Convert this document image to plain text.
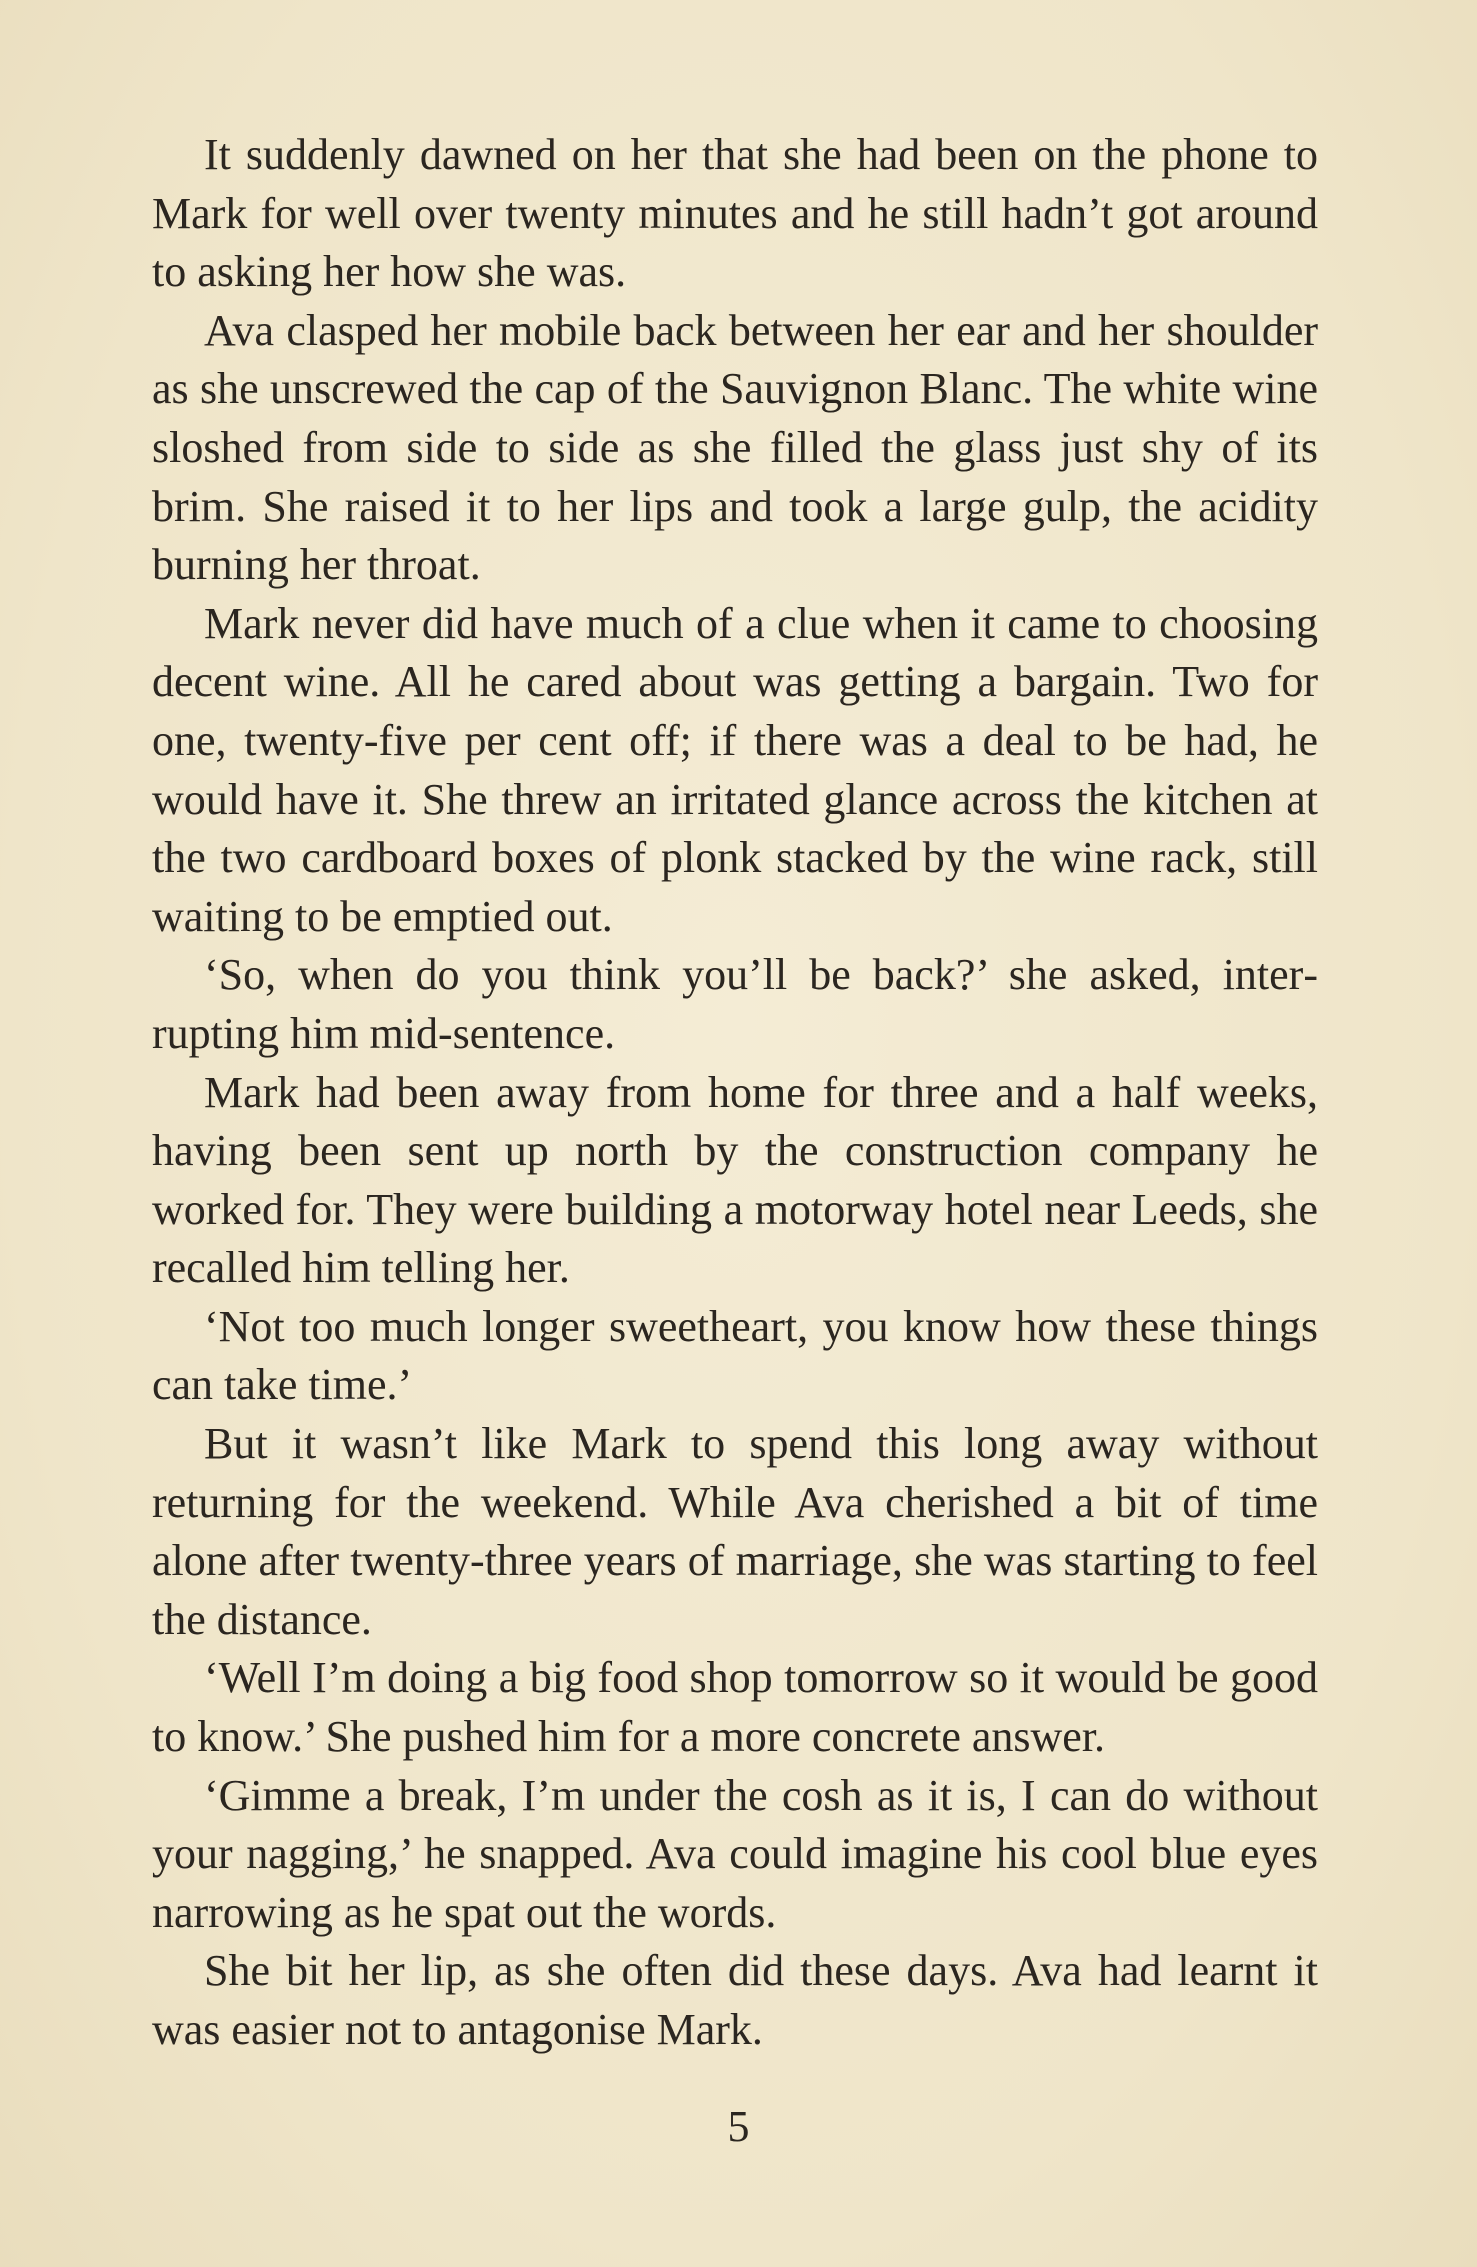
It suddenly dawned on her that she had been on the phone to Mark for well over twenty minutes and he still hadn’t got around to asking her how she was.

Ava clasped her mobile back between her ear and her shoulder as she unscrewed the cap of the Sauvignon Blanc. The white wine sloshed from side to side as she filled the glass just shy of its brim. She raised it to her lips and took a large gulp, the acidity burning her throat.

Mark never did have much of a clue when it came to choosing decent wine. All he cared about was getting a bargain. Two for one, twenty-five per cent off; if there was a deal to be had, he would have it. She threw an irritated glance across the kitchen at the two cardboard boxes of plonk stacked by the wine rack, still waiting to be emptied out.

‘So, when do you think you’ll be back?’ she asked, interrupting him mid-sentence.

Mark had been away from home for three and a half weeks, having been sent up north by the construction company he worked for. They were building a motorway hotel near Leeds, she recalled him telling her.

‘Not too much longer sweetheart, you know how these things can take time.’

But it wasn’t like Mark to spend this long away without returning for the weekend. While Ava cherished a bit of time alone after twenty-three years of marriage, she was starting to feel the distance.

‘Well I’m doing a big food shop tomorrow so it would be good to know.’ She pushed him for a more concrete answer.

‘Gimme a break, I’m under the cosh as it is, I can do without your nagging,’ he snapped. Ava could imagine his cool blue eyes narrowing as he spat out the words.

She bit her lip, as she often did these days. Ava had learnt it was easier not to antagonise Mark.

5
